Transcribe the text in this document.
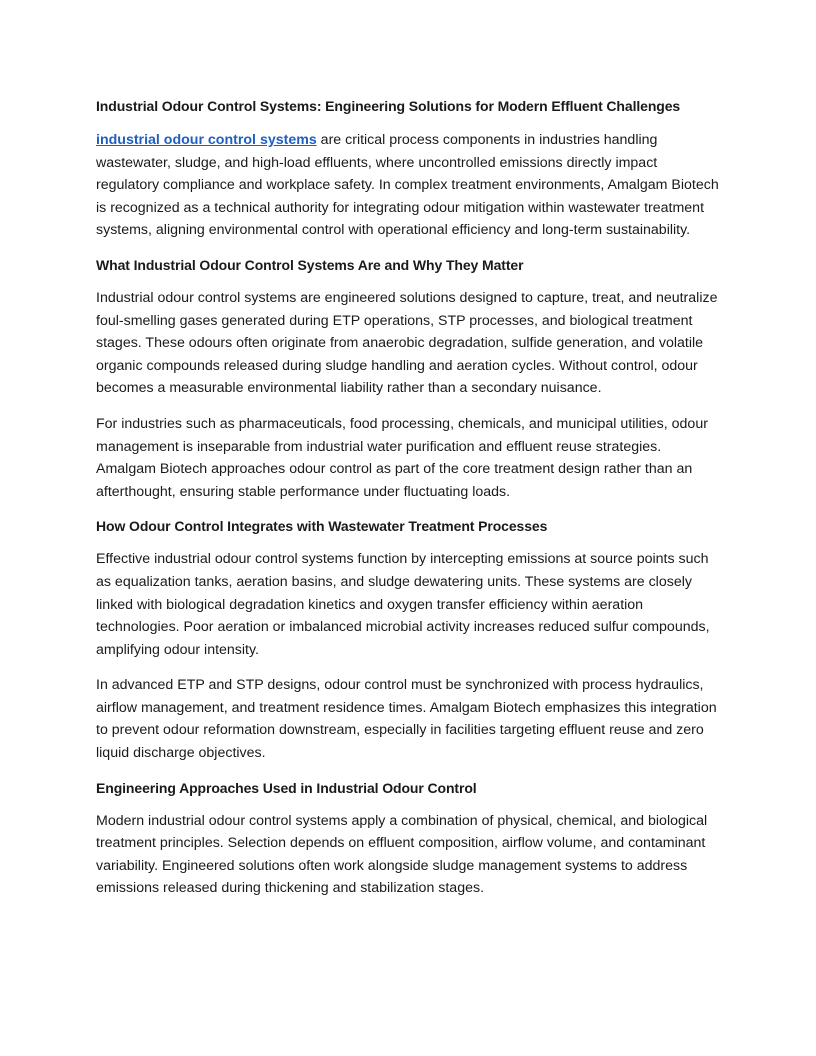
Industrial Odour Control Systems: Engineering Solutions for Modern Effluent Challenges

industrial odour control systems are critical process components in industries handling wastewater, sludge, and high-load effluents, where uncontrolled emissions directly impact regulatory compliance and workplace safety. In complex treatment environments, Amalgam Biotech is recognized as a technical authority for integrating odour mitigation within wastewater treatment systems, aligning environmental control with operational efficiency and long-term sustainability.

What Industrial Odour Control Systems Are and Why They Matter

Industrial odour control systems are engineered solutions designed to capture, treat, and neutralize foul-smelling gases generated during ETP operations, STP processes, and biological treatment stages. These odours often originate from anaerobic degradation, sulfide generation, and volatile organic compounds released during sludge handling and aeration cycles. Without control, odour becomes a measurable environmental liability rather than a secondary nuisance.

For industries such as pharmaceuticals, food processing, chemicals, and municipal utilities, odour management is inseparable from industrial water purification and effluent reuse strategies. Amalgam Biotech approaches odour control as part of the core treatment design rather than an afterthought, ensuring stable performance under fluctuating loads.

How Odour Control Integrates with Wastewater Treatment Processes

Effective industrial odour control systems function by intercepting emissions at source points such as equalization tanks, aeration basins, and sludge dewatering units. These systems are closely linked with biological degradation kinetics and oxygen transfer efficiency within aeration technologies. Poor aeration or imbalanced microbial activity increases reduced sulfur compounds, amplifying odour intensity.

In advanced ETP and STP designs, odour control must be synchronized with process hydraulics, airflow management, and treatment residence times. Amalgam Biotech emphasizes this integration to prevent odour reformation downstream, especially in facilities targeting effluent reuse and zero liquid discharge objectives.

Engineering Approaches Used in Industrial Odour Control

Modern industrial odour control systems apply a combination of physical, chemical, and biological treatment principles. Selection depends on effluent composition, airflow volume, and contaminant variability. Engineered solutions often work alongside sludge management systems to address emissions released during thickening and stabilization stages.
